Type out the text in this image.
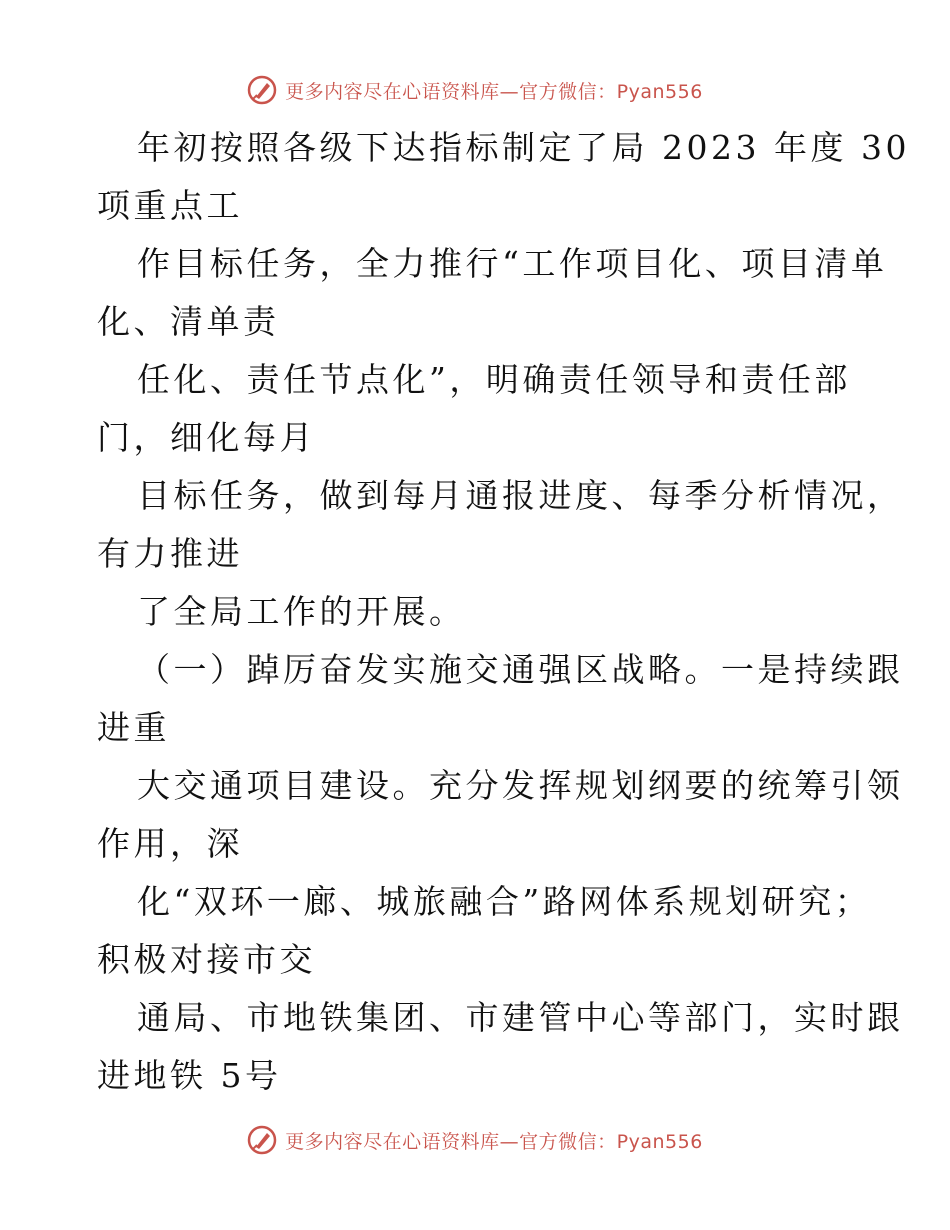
更多内容尽在心语资料库—官方微信：Pyan556
年初按照各级下达指标制定了局 2023 年度 30
项重点工
作目标任务，全力推行“工作项目化、项目清单
化、清单责
任化、责任节点化”，明确责任领导和责任部
门，细化每月
目标任务，做到每月通报进度、每季分析情况，
有力推进
了全局工作的开展。
（一）踔厉奋发实施交通强区战略。一是持续跟
进重
大交通项目建设。充分发挥规划纲要的统筹引领
作用，深
化“双环一廊、城旅融合”路网体系规划研究；
积极对接市交
通局、市地铁集团、市建管中心等部门，实时跟
进地铁 5号
更多内容尽在心语资料库—官方微信：Pyan556
